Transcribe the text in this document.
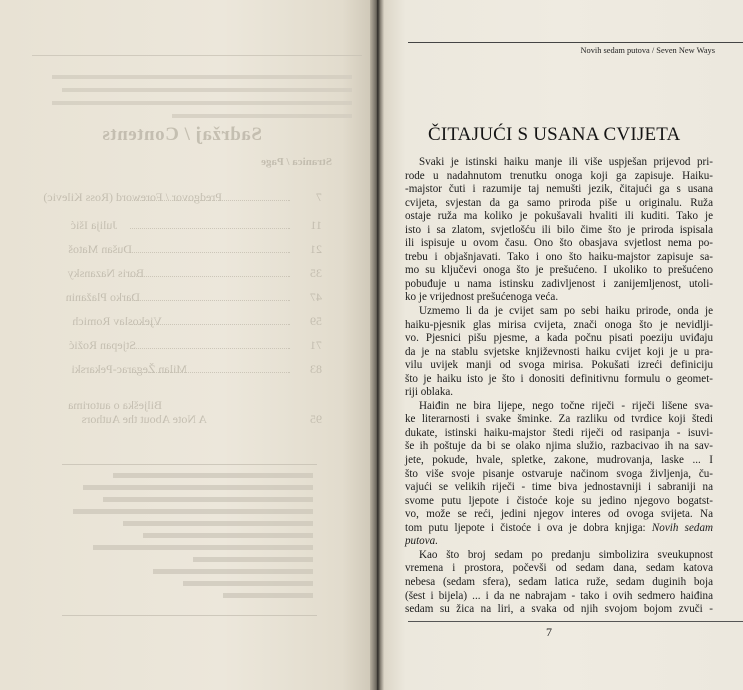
Sadržaj / Contents
Stranica / Page
7
Predgovor / Foreword (Ross Kilevic)
11
Julija Išić
21
Dušan Matoš
35
Boris Nazansky
47
Darko Plažanin
59
Vjekoslav Romich
71
Stjepan Rožić
83
Milan Žegarac-Pekarski
Bilješka o autorima
95
A Note About the Authors
Novih sedam putova / Seven New Ways
ČITAJUĆI S USANA CVIJETA

Svaki je istinski haiku manje ili više uspješan prijevod pri-
rode u nadahnutom trenutku onoga koji ga zapisuje. Haiku-
-majstor čuti i razumije taj nemušti jezik, čitajući ga s usana
cvijeta, svjestan da ga samo priroda piše u originalu. Ruža
ostaje ruža ma koliko je pokušavali hvaliti ili kuditi. Tako je
isto i sa zlatom, svjetlošću ili bilo čime što je priroda ispisala
ili ispisuje u ovom času. Ono što obasjava svjetlost nema po-
trebu i objašnjavati. Tako i ono što haiku-majstor zapisuje sa-
mo su ključevi onoga što je prešućeno. I ukoliko to prešućeno
pobuđuje u nama istinsku zadivljenost i zanijemljenost, utoli-
ko je vrijednost prešućenoga veća.

Uzmemo li da je cvijet sam po sebi haiku prirode, onda je
haiku-pjesnik glas mirisa cvijeta, znači onoga što je nevidlji-
vo. Pjesnici pišu pjesme, a kada počnu pisati poeziju uviđaju
da je na stablu svjetske književnosti haiku cvijet koji je u pra-
vilu uvijek manji od svoga mirisa. Pokušati izreći definiciju
što je haiku isto je što i donositi definitivnu formulu o geomet-
riji oblaka.

Haiđin ne bira lijepe, nego točne riječi - riječi lišene sva-
ke literarnosti i svake šminke. Za razliku od tvrdice koji štedi
dukate, istinski haiku-majstor štedi riječi od rasipanja - isuvi-
še ih poštuje da bi se olako njima služio, razbacivao ih na sav-
jete, pokude, hvale, spletke, zakone, mudrovanja, laske ... I
što više svoje pisanje ostvaruje načinom svoga življenja, ču-
vajući se velikih riječi - time biva jednostavniji i sabraniji na
svome putu ljepote i čistoće koje su jedino njegovo bogatst-
vo, može se reći, jedini njegov interes od ovoga svijeta. Na
tom putu ljepote i čistoće i ova je dobra knjiga: Novih sedam
putova.

Kao što broj sedam po predanju simbolizira sveukupnost
vremena i prostora, počevši od sedam dana, sedam katova
nebesa (sedam sfera), sedam latica ruže, sedam duginih boja
(šest i bijela) ... i da ne nabrajam - tako i ovih sedmero haiđina
sedam su žica na liri, a svaka od njih svojom bojom zvuči -

7
